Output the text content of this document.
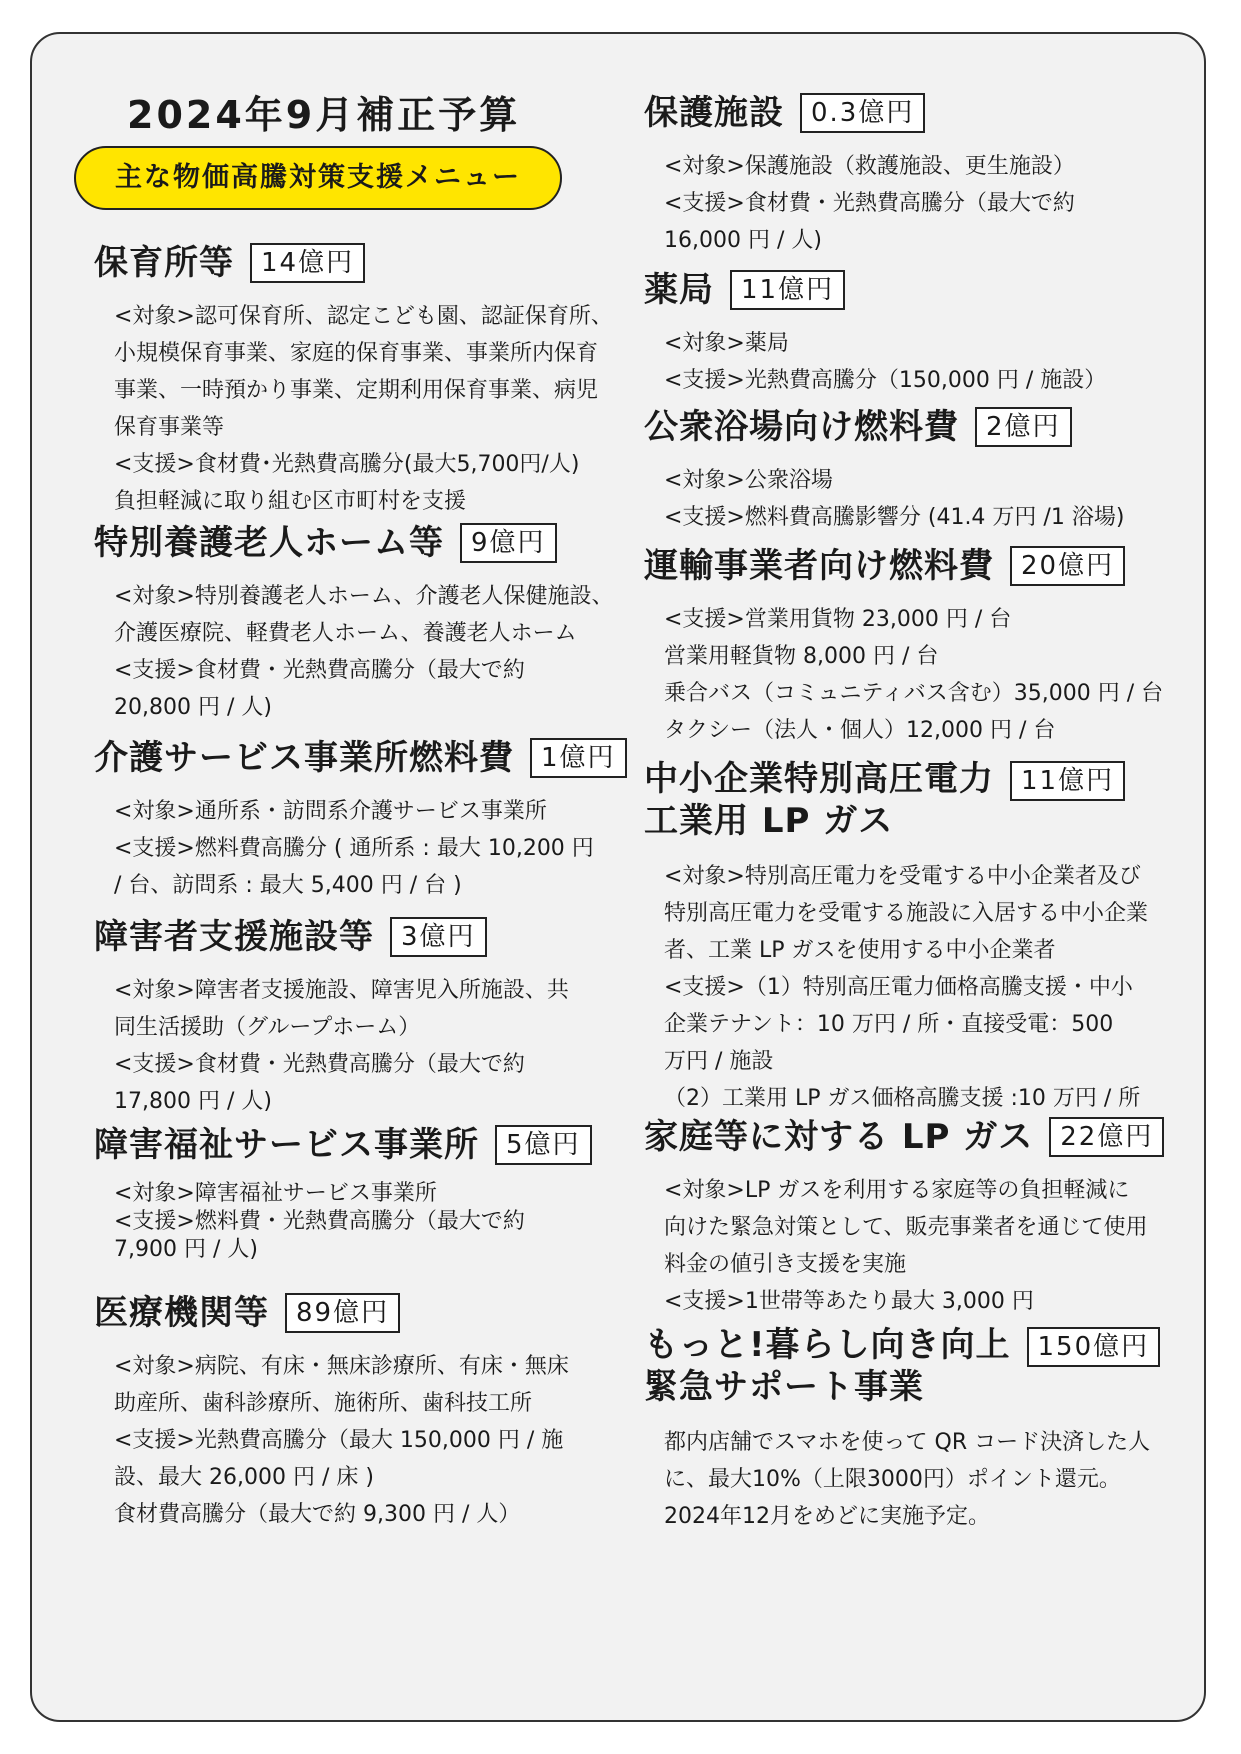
2024年9月補正予算
主な物価高騰対策支援メニュー
保育所等	14億円

<対象>認可保育所、認定こども園、認証保育所、

小規模保育事業、家庭的保育事業、事業所内保育

事業、一時預かり事業、定期利用保育事業、病児

保育事業等

<支援>食材費･光熱費高騰分(最大5,700円/人)

負担軽減に取り組む区市町村を支援

特別養護老人ホーム等	9億円

<対象>特別養護老人ホーム、介護老人保健施設、

介護医療院、軽費老人ホーム、養護老人ホーム

<支援>食材費・光熱費高騰分（最大で約

20,800 円 / 人)

介護サービス事業所燃料費	1億円

<対象>通所系・訪問系介護サービス事業所

<支援>燃料費高騰分 ( 通所系 : 最大 10,200 円

/ 台、訪問系 : 最大 5,400 円 / 台 )

障害者支援施設等	3億円

<対象>障害者支援施設、障害児入所施設、共

同生活援助（グループホーム）

<支援>食材費・光熱費高騰分（最大で約

17,800 円 / 人)

障害福祉サービス事業所	5億円

<対象>障害福祉サービス事業所

<支援>燃料費・光熱費高騰分（最大で約

7,900 円 / 人)

医療機関等	89億円

<対象>病院、有床・無床診療所、有床・無床

助産所、歯科診療所、施術所、歯科技工所

<支援>光熱費高騰分（最大 150,000 円 / 施

設、最大 26,000 円 / 床 )

食材費高騰分（最大で約 9,300 円 / 人）

保護施設	0.3億円

<対象>保護施設（救護施設、更生施設）

<支援>食材費・光熱費高騰分（最大で約

16,000 円 / 人)

薬局	11億円

<対象>薬局

<支援>光熱費高騰分（150,000 円 / 施設）

公衆浴場向け燃料費	2億円

<対象>公衆浴場

<支援>燃料費高騰影響分 (41.4 万円 /1 浴場)

運輸事業者向け燃料費	20億円

<支援>営業用貨物 23,000 円 / 台

営業用軽貨物 8,000 円 / 台

乗合バス（コミュニティバス含む）35,000 円 / 台

タクシー（法人・個人）12,000 円 / 台

中小企業特別高圧電力
工業用 LP ガス
11億円

<対象>特別高圧電力を受電する中小企業者及び

特別高圧電力を受電する施設に入居する中小企業

者、工業 LP ガスを使用する中小企業者

<支援>（1）特別高圧電力価格高騰支援・中小

企業テナント：10 万円 / 所・直接受電：500

万円 / 施設

（2）工業用 LP ガス価格高騰支援 :10 万円 / 所

家庭等に対する LP ガス	22億円

<対象>LP ガスを利用する家庭等の負担軽減に

向けた緊急対策として、販売事業者を通じて使用

料金の値引き支援を実施

<支援>1世帯等あたり最大 3,000 円

もっと!暮らし向き向上
緊急サポート事業
150億円

都内店舗でスマホを使って QR コード決済した人

に、最大10%（上限3000円）ポイント還元。

2024年12月をめどに実施予定。
